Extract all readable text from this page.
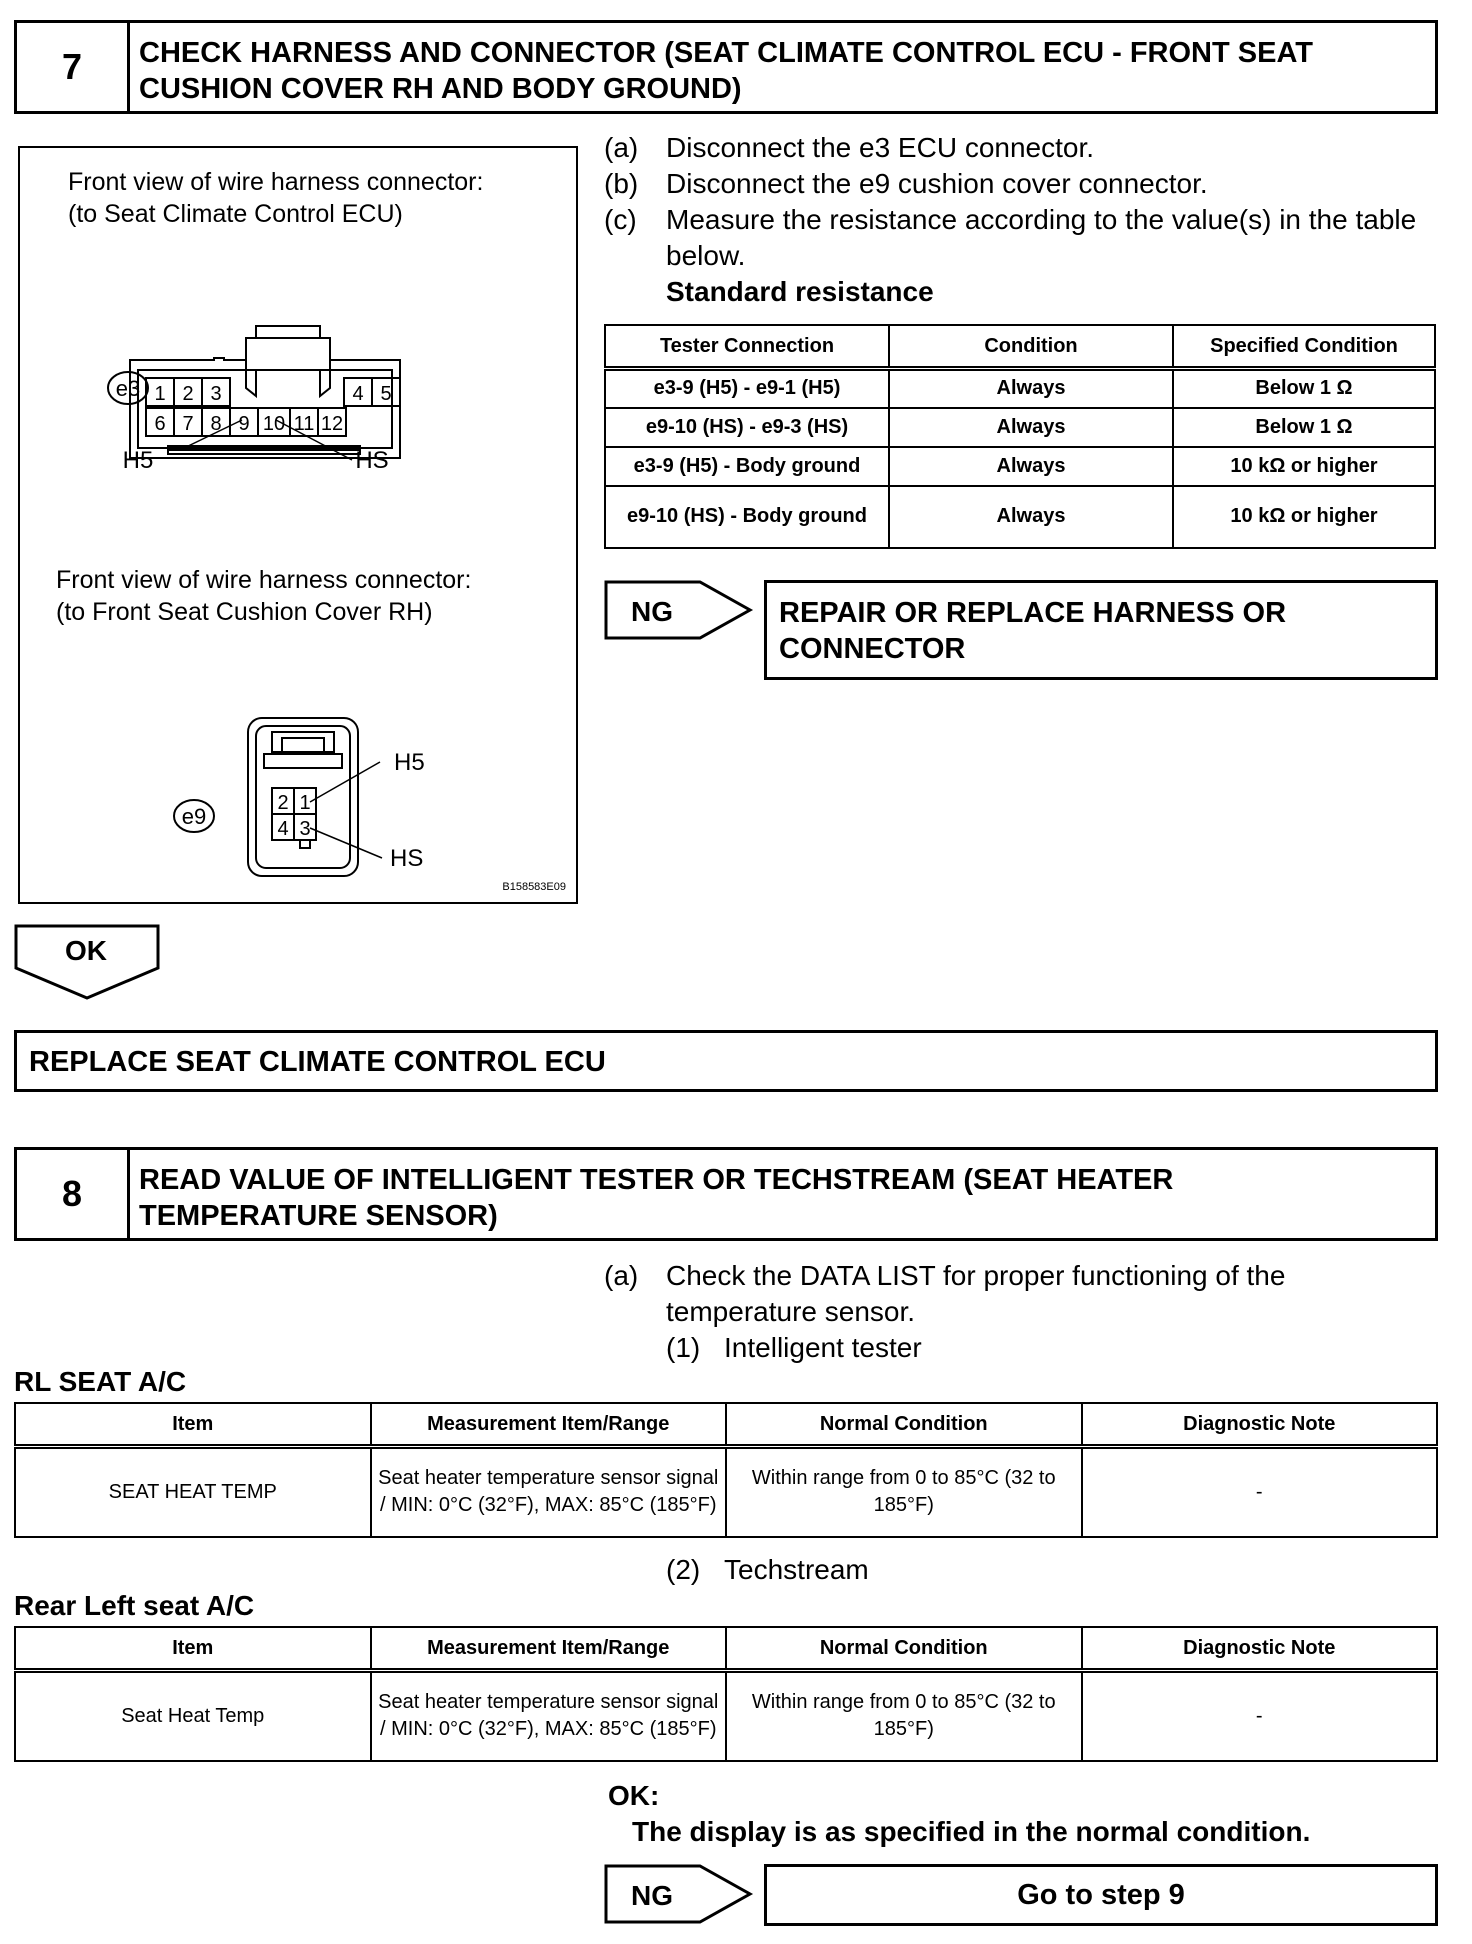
7	CHECK HARNESS AND CONNECTOR (SEAT CLIMATE CONTROL ECU - FRONT SEAT
CUSHION COVER RH AND BODY GROUND)
Front view of wire harness connector:
(to Seat Climate Control ECU)
Front view of wire harness connector:
(to Front Seat Cushion Cover RH)
1 2 3	4 5
6 7 8 9 10 11 12
H5	HS
e3
2 1
4 3
H5
HS
e9
B158583E09
(a) Disconnect the e3 ECU connector.
(b) Disconnect the e9 cushion cover connector.
(c) Measure the resistance according to the value(s) in the table below.
Standard resistance
Tester Connection	Condition	Specified Condition
e3-9 (H5) - e9-1 (H5)	Always	Below 1 Ω
e9-10 (HS) - e9-3 (HS)	Always	Below 1 Ω
e3-9 (H5) - Body ground	Always	10 kΩ or higher
e9-10 (HS) - Body ground	Always	10 kΩ or higher
NG	REPAIR OR REPLACE HARNESS OR CONNECTOR
OK
REPLACE SEAT CLIMATE CONTROL ECU
8	READ VALUE OF INTELLIGENT TESTER OR TECHSTREAM (SEAT HEATER
TEMPERATURE SENSOR)
(a) Check the DATA LIST for proper functioning of the temperature sensor.
(1) Intelligent tester
RL SEAT A/C
Item	Measurement Item/Range	Normal Condition	Diagnostic Note
SEAT HEAT TEMP	Seat heater temperature sensor signal / MIN: 0°C (32°F), MAX: 85°C (185°F)	Within range from 0 to 85°C (32 to 185°F)	-
(2) Techstream
Rear Left seat A/C
Item	Measurement Item/Range	Normal Condition	Diagnostic Note
Seat Heat Temp	Seat heater temperature sensor signal / MIN: 0°C (32°F), MAX: 85°C (185°F)	Within range from 0 to 85°C (32 to 185°F)	-
OK:
The display is as specified in the normal condition.
NG	Go to step 9
